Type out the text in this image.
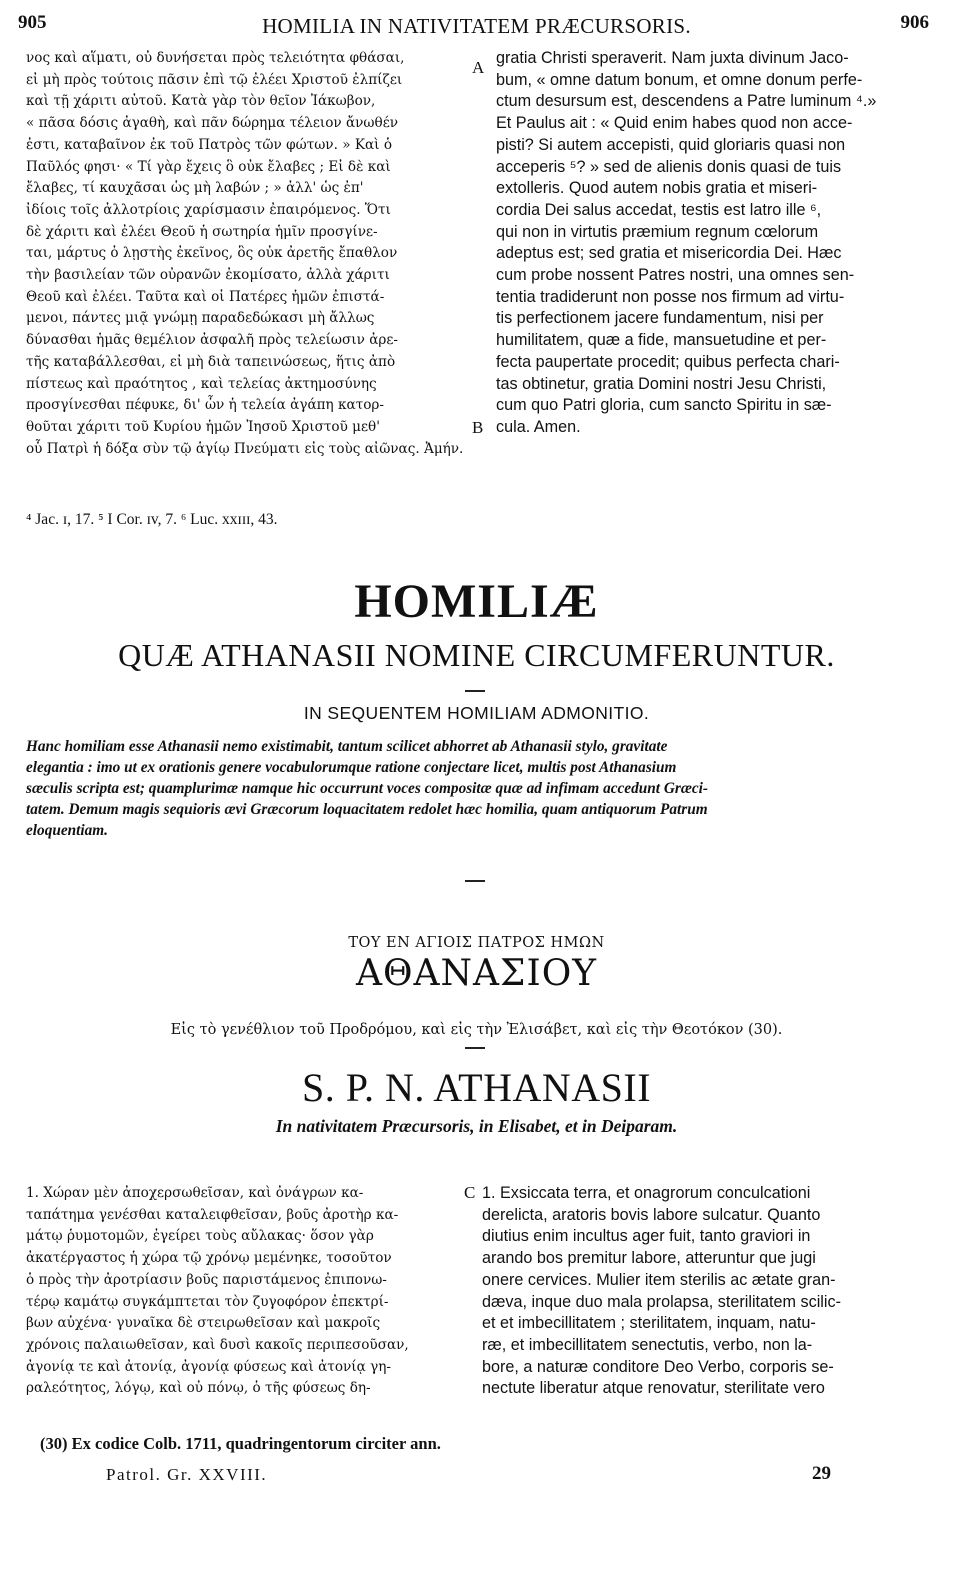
905	HOMILIA IN NATIVITATEM PRÆCURSORIS.	906
νος καὶ αἵματι, οὐ δυνήσεται πρὸς τελειότητα φθάσαι,
εἰ μὴ πρὸς τούτοις πᾶσιν ἐπὶ τῷ ἐλέει Χριστοῦ ἐλπίζει
καὶ τῇ χάριτι αὐτοῦ. Κατὰ γὰρ τὸν θεῖον Ἰάκωβον,
« πᾶσα δόσις ἀγαθὴ, καὶ πᾶν δώρημα τέλειον ἄνωθέν
ἐστι, καταβαῖνον ἐκ τοῦ Πατρὸς τῶν φώτων. » Καὶ ὁ
Παῦλός φησι· « Τί γὰρ ἔχεις ὃ οὐκ ἔλαβες ; Εἰ δὲ καὶ
ἔλαβες, τί καυχᾶσαι ὡς μὴ λαβών ; » ἀλλ' ὡς ἐπ'
ἰδίοις τοῖς ἀλλοτρίοις χαρίσμασιν ἐπαιρόμενος. Ὅτι
δὲ χάριτι καὶ ἐλέει Θεοῦ ἡ σωτηρία ἡμῖν προσγίνε-
ται, μάρτυς ὁ λῃστὴς ἐκεῖνος, ὃς οὐκ ἀρετῆς ἔπαθλον
τὴν βασιλείαν τῶν οὐρανῶν ἐκομίσατο, ἀλλὰ χάριτι
Θεοῦ καὶ ἐλέει. Ταῦτα καὶ οἱ Πατέρες ἡμῶν ἐπιστά-
μενοι, πάντες μιᾷ γνώμῃ παραδεδώκασι μὴ ἄλλως
δύνασθαι ἡμᾶς θεμέλιον ἀσφαλῆ πρὸς τελείωσιν ἀρε-
τῆς καταβάλλεσθαι, εἰ μὴ διὰ ταπεινώσεως, ἥτις ἀπὸ
πίστεως καὶ πραότητος , καὶ τελείας ἀκτημοσύνης
προσγίνεσθαι πέφυκε, δι' ὧν ἡ τελεία ἀγάπη κατορ-
θοῦται χάριτι τοῦ Κυρίου ἡμῶν Ἰησοῦ Χριστοῦ μεθ'
οὗ Πατρὶ ἡ δόξα σὺν τῷ ἁγίῳ Πνεύματι εἰς τοὺς αἰῶνας. Ἀμήν.
gratia Christi speraverit. Nam juxta divinum Jaco-
bum, « omne datum bonum, et omne donum perfe-
ctum desursum est, descendens a Patre luminum ⁴.»
Et Paulus ait : « Quid enim habes quod non acce-
pisti? Si autem accepisti, quid gloriaris quasi non
acceperis ⁵? » sed de alienis donis quasi de tuis
extolleris. Quod autem nobis gratia et miseri-
cordia Dei salus accedat, testis est latro ille ⁶,
qui non in virtutis præmium regnum cœlorum
adeptus est; sed gratia et misericordia Dei. Hæc
cum probe nossent Patres nostri, una omnes sen-
tentia tradiderunt non posse nos firmum ad virtu-
tis perfectionem jacere fundamentum, nisi per
humilitatem, quæ a fide, mansuetudine et per-
fecta paupertate procedit; quibus perfecta chari-
tas obtinetur, gratia Domini nostri Jesu Christi,
cum quo Patri gloria, cum sancto Spiritu in sæ-
cula. Amen.
A
B
C
⁴ Jac. ɪ, 17. ⁵ I Cor. ɪv, 7. ⁶ Luc. xxɪɪɪ, 43.
HOMILIÆ
QUÆ ATHANASII NOMINE CIRCUMFERUNTUR.
IN SEQUENTEM HOMILIAM ADMONITIO.
Hanc homiliam esse Athanasii nemo existimabit, tantum scilicet abhorret ab Athanasii stylo, gravitate
elegantia : imo ut ex orationis genere vocabulorumque ratione conjectare licet, multis post Athanasium
sæculis scripta est; quamplurimæ namque hic occurrunt voces compositæ quæ ad infimam accedunt Græci-
tatem. Demum magis sequioris ævi Græcorum loquacitatem redolet hæc homilia, quam antiquorum Patrum
eloquentiam.
ΤΟΥ ΕΝ ΑΓΙΟΙΣ ΠΑΤΡΟΣ ΗΜΩΝ
ΑΘΑΝΑΣΙΟΥ
Εἰς τὸ γενέθλιον τοῦ Προδρόμου, καὶ εἰς τὴν Ἐλισάβετ, καὶ εἰς τὴν Θεοτόκον (30).
S. P. N. ATHANASII
In nativitatem Præcursoris, in Elisabet, et in Deiparam.
1. Χώραν μὲν ἀποχερσωθεῖσαν, καὶ ὀνάγρων κα-
ταπάτημα γενέσθαι καταλειφθεῖσαν, βοῦς ἀροτὴρ κα-
μάτῳ ῥυμοτομῶν, ἐγείρει τοὺς αὔλακας· ὅσον γὰρ
ἀκατέργαστος ἡ χώρα τῷ χρόνῳ μεμένηκε, τοσοῦτον
ὁ πρὸς τὴν ἀροτρίασιν βοῦς παριστάμενος ἐπιπονω-
τέρῳ καμάτῳ συγκάμπτεται τὸν ζυγοφόρον ἐπεκτρί-
βων αὐχένα· γυναῖκα δὲ στειρωθεῖσαν καὶ μακροῖς
χρόνοις παλαιωθεῖσαν, καὶ δυσὶ κακοῖς περιπεσοῦσαν,
ἀγονίᾳ τε καὶ ἀτονίᾳ, ἀγονίᾳ φύσεως καὶ ἀτονίᾳ γη-
ραλεότητος, λόγῳ, καὶ οὐ πόνῳ, ὁ τῆς φύσεως δη-
1. Exsiccata terra, et onagrorum conculcationi
derelicta, aratoris bovis labore sulcatur. Quanto
diutius enim incultus ager fuit, tanto graviori in
arando bos premitur labore, atteruntur que jugi
onere cervices. Mulier item sterilis ac ætate gran-
dæva, inque duo mala prolapsa, sterilitatem scilic-
et et imbecillitatem ; sterilitatem, inquam, natu-
ræ, et imbecillitatem senectutis, verbo, non la-
bore, a naturæ conditore Deo Verbo, corporis se-
nectute liberatur atque renovatur, sterilitate vero
(30) Ex codice Colb. 1711, quadringentorum circiter ann.
Patrol. Gr. XXVIII.	29
